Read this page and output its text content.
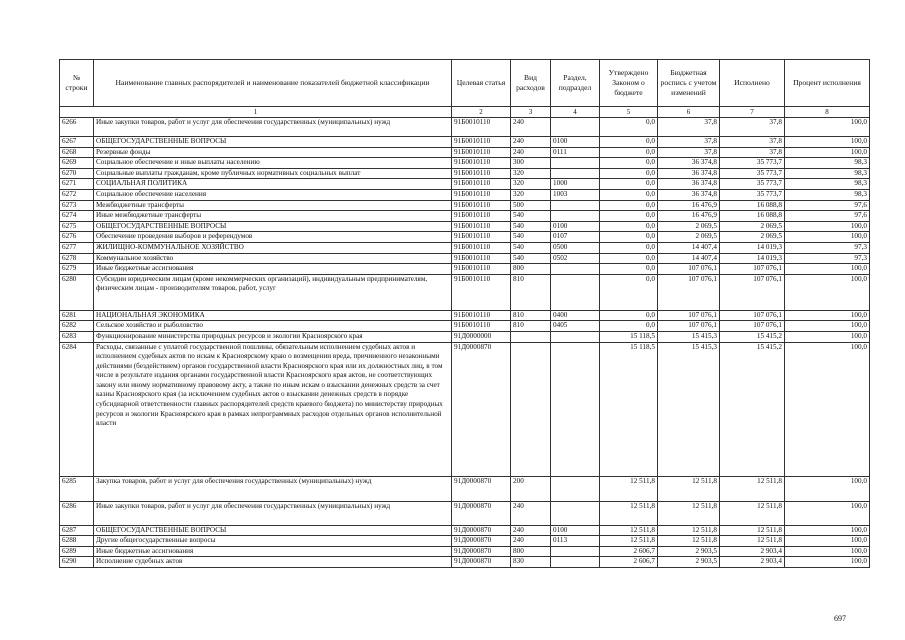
№ строки	Наименование главных распорядителей и наименование показателей бюджетной классификации	Целевая статья	Вид расходов	Раздел, подраздел	Утверждено Законом о бюджете	Бюджетная роспись с учетом изменений	Исполнено	Процент исполнения
1		2	3	4	5	6	7	8
6266	Иные закупки товаров, работ и услуг для обеспечения государственных (муниципальных) нужд	91Б0010110	240		0,0	37,8	37,8	100,0
6267	ОБЩЕГОСУДАРСТВЕННЫЕ ВОПРОСЫ	91Б0010110	240	0100	0,0	37,8	37,8	100,0
6268	Резервные фонды	91Б0010110	240	0111	0,0	37,8	37,8	100,0
6269	Социальное обеспечение и иные выплаты населению	91Б0010110	300		0,0	36 374,8	35 773,7	98,3
6270	Социальные выплаты гражданам, кроме публичных нормативных социальных выплат	91Б0010110	320		0,0	36 374,8	35 773,7	98,3
6271	СОЦИАЛЬНАЯ ПОЛИТИКА	91Б0010110	320	1000	0,0	36 374,8	35 773,7	98,3
6272	Социальное обеспечение населения	91Б0010110	320	1003	0,0	36 374,8	35 773,7	98,3
6273	Межбюджетные трансферты	91Б0010110	500		0,0	16 476,9	16 088,8	97,6
6274	Иные межбюджетные трансферты	91Б0010110	540		0,0	16 476,9	16 088,8	97,6
6275	ОБЩЕГОСУДАРСТВЕННЫЕ ВОПРОСЫ	91Б0010110	540	0100	0,0	2 069,5	2 069,5	100,0
6276	Обеспечение проведения выборов и референдумов	91Б0010110	540	0107	0,0	2 069,5	2 069,5	100,0
6277	ЖИЛИЩНО-КОММУНАЛЬНОЕ ХОЗЯЙСТВО	91Б0010110	540	0500	0,0	14 407,4	14 019,3	97,3
6278	Коммунальное хозяйство	91Б0010110	540	0502	0,0	14 407,4	14 019,3	97,3
6279	Иные бюджетные ассигнования	91Б0010110	800		0,0	107 076,1	107 076,1	100,0
6280	Субсидии юридическим лицам (кроме некоммерческих организаций), индивидуальным предпринимателям, физическим лицам - производителям товаров, работ, услуг	91Б0010110	810		0,0	107 076,1	107 076,1	100,0
6281	НАЦИОНАЛЬНАЯ ЭКОНОМИКА	91Б0010110	810	0400	0,0	107 076,1	107 076,1	100,0
6282	Сельское хозяйство и рыболовство	91Б0010110	810	0405	0,0	107 076,1	107 076,1	100,0
6283	Функционирование министерства природных ресурсов и экологии Красноярского края	91Д0000000			15 118,5	15 415,3	15 415,2	100,0
6284	Расходы, связанные с уплатой государственной пошлины, обязательным исполнением судебных актов и исполнением судебных актов по искам к Красноярскому краю о возмещении вреда, причиненного незаконными действиями (бездействием) органов государственной власти Красноярского края или их должностных лиц, в том числе в результате издания органами государственной власти Красноярского края актов, не соответствующих закону или иному нормативному правовому акту, а также по иным искам о взыскании денежных средств за счет казны Красноярского края (за исключением судебных актов о взыскании денежных средств в порядке субсидиарной ответственности главных распорядителей средств краевого бюджета) по министерству природных ресурсов и экологии Красноярского края в рамках непрограммных расходов отдельных органов исполнительной власти	91Д0000870			15 118,5	15 415,3	15 415,2	100,0
6285	Закупка товаров, работ и услуг для обеспечения государственных (муниципальных) нужд	91Д0000870	200		12 511,8	12 511,8	12 511,8	100,0
6286	Иные закупки товаров, работ и услуг для обеспечения государственных (муниципальных) нужд	91Д0000870	240		12 511,8	12 511,8	12 511,8	100,0
6287	ОБЩЕГОСУДАРСТВЕННЫЕ ВОПРОСЫ	91Д0000870	240	0100	12 511,8	12 511,8	12 511,8	100,0
6288	Другие общегосударственные вопросы	91Д0000870	240	0113	12 511,8	12 511,8	12 511,8	100,0
6289	Иные бюджетные ассигнования	91Д0000870	800		2 606,7	2 903,5	2 903,4	100,0
6290	Исполнение судебных актов	91Д0000870	830		2 606,7	2 903,5	2 903,4	100,0
697
